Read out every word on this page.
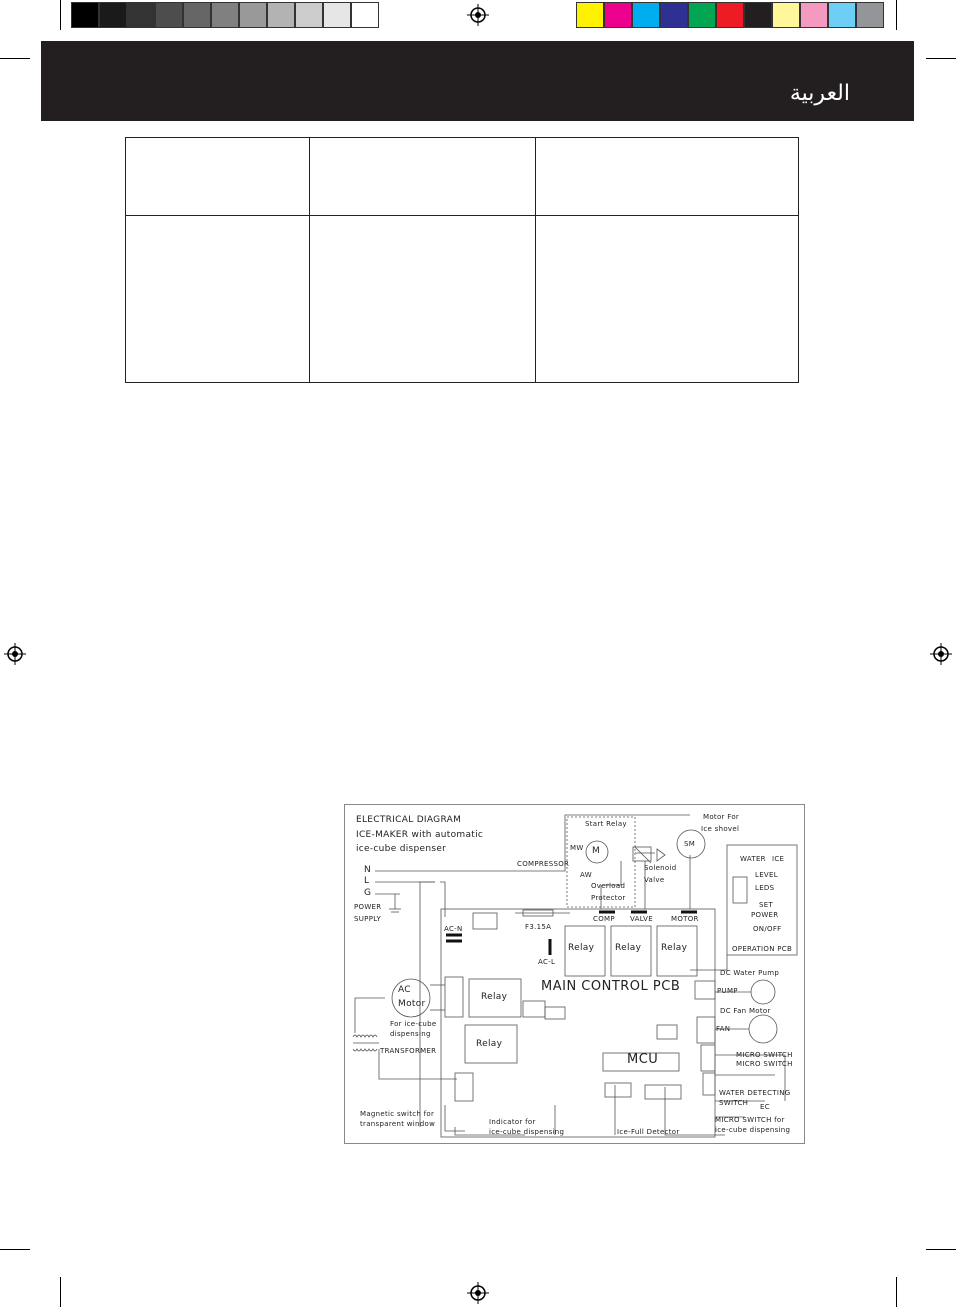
العربية
ELECTRICAL DIAGRAM
ICE-MAKER with automatic
ice-cube dispenser
N
L
G
POWER
SUPPLY
Start Relay
COMPRESSOR
MW
AW
M
Overload
Protector
Solenoid
Valve
Motor For
Ice shovel
SM
WATER ICE
LEVEL
LEDS
SET
POWER
ON/OFF
OPERATION PCB
AC-N	F3.15A
AC-L
COMP VALVE	MOTOR
Relay Relay Relay
Relay
Relay
MAIN CONTROL PCB
MCU
AC
Motor
For ice-cube
dispensing
TRANSFORMER
DC Water Pump
PUMP
DC Fan Motor
FAN
MICRO SWITCH
MICRO SWITCH
WATER DETECTING
SWITCH EC
MICRO SWITCH for
ice-cube dispensing
Magnetic switch for
transparent window	Indicator for
ice-cube dispensing	Ice-Full Detector
